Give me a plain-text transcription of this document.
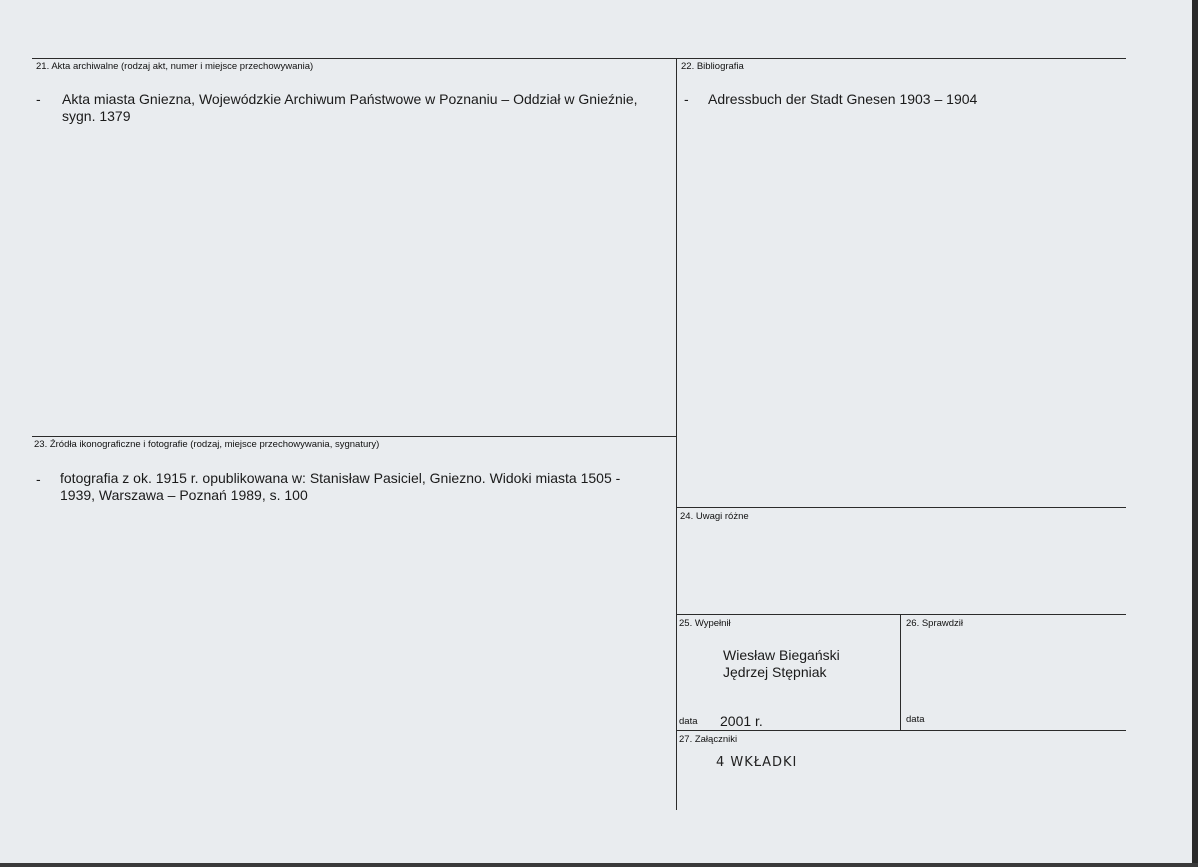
21. Akta archiwalne (rodzaj akt, numer i miejsce przechowywania)
- Akta miasta Gniezna, Wojewódzkie Archiwum Państwowe w Poznaniu – Oddział w Gnieźnie,
sygn. 1379
22. Bibliografia
- Adressbuch der Stadt Gnesen 1903 – 1904
23. Źródła ikonograficzne i fotografie (rodzaj, miejsce przechowywania, sygnatury)
- fotografia z ok. 1915 r. opublikowana w: Stanisław Pasiciel, Gniezno. Widoki miasta 1505 -
1939, Warszawa – Poznań 1989, s. 100
24. Uwagi różne
25. Wypełnił
Wiesław Biegański
Jędrzej Stępniak
data 2001 r.
26. Sprawdził
data
27. Załączniki
4 WKŁADKI
